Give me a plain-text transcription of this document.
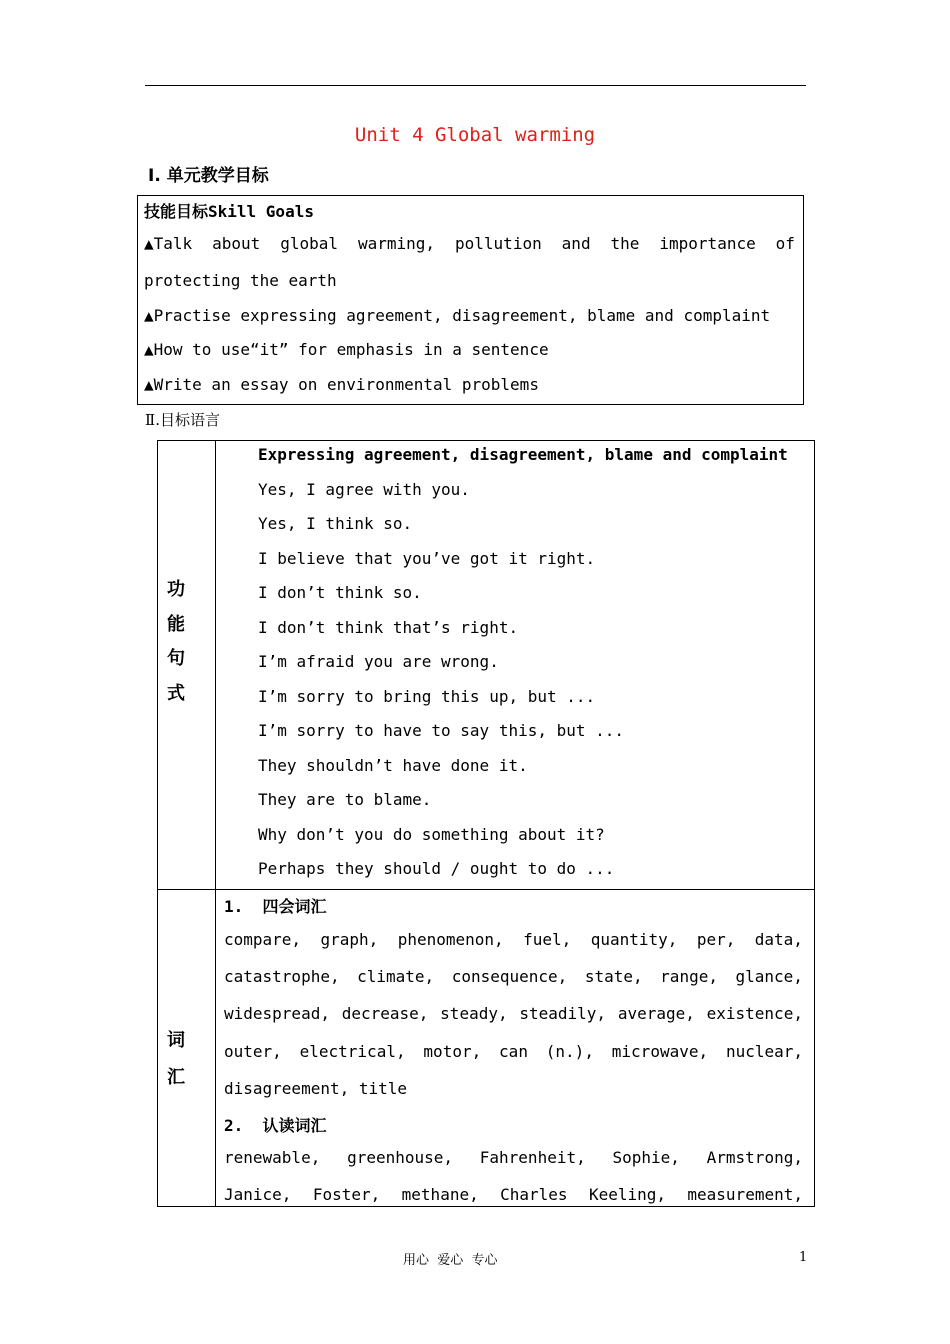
Unit 4 Global warming
Ⅰ. 单元教学目标
技能目标Skill Goals
▲Talk about global warming, pollution and the importance of
protecting the earth
▲Practise expressing agreement, disagreement, blame and complaint
▲How to use“it” for emphasis in a sentence
▲Write an essay on environmental problems
Ⅱ.目标语言
功
能
句
式
Expressing agreement, disagreement, blame and complaint
Yes, I agree with you.
Yes, I think so.
I believe that you’ve got it right.
I don’t think so.
I don’t think that’s right.
I’m afraid you are wrong.
I’m sorry to bring this up, but ...
I’m sorry to have to say this, but ...
They shouldn’t have done it.
They are to blame.
Why don’t you do something about it?
Perhaps they should / ought to do ...
词
汇
1.  四会词汇
compare, graph, phenomenon, fuel, quantity, per, data,
catastrophe, climate, consequence, state, range, glance,
widespread, decrease, steady, steadily, average, existence,
outer, electrical, motor, can (n.), microwave, nuclear,
disagreement, title
2.  认读词汇
renewable, greenhouse, Fahrenheit, Sophie, Armstrong,
Janice, Foster, methane, Charles Keeling, measurement,
用心  爱心  专心	1
